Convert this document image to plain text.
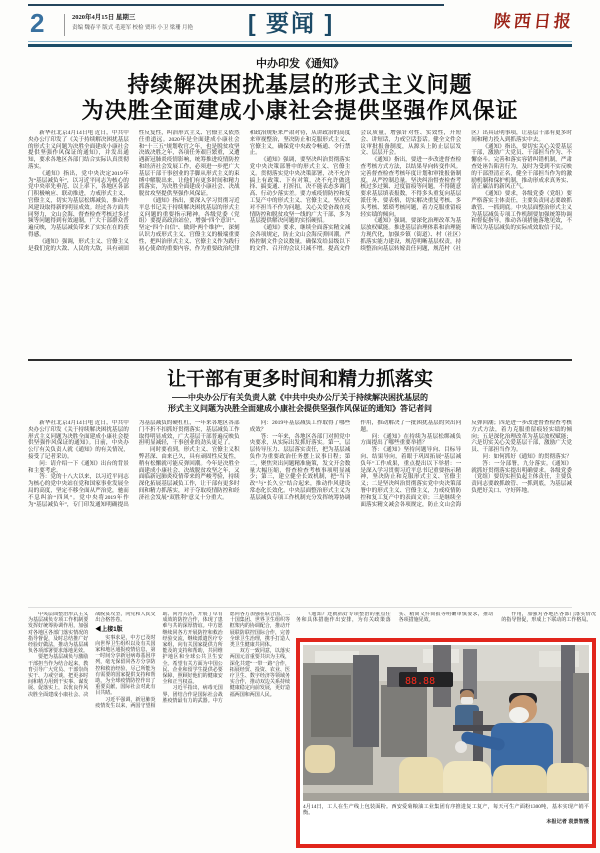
2	2020年4月15日 星期三
责编 魏春平 版式 毛迎军 校检 贾玮 小卫 梁珊 月艳 [ 要闻 ]	陕西日报
中办印发《通知》
持续解决困扰基层的形式主义问题
为决胜全面建成小康社会提供坚强作风保证

新华社北京4月14日电 近日，中共中央办公厅印发了《关于持续解决困扰基层的形式主义问题为决胜全面建成小康社会提供坚强作风保证的通知》，并发出通知，要求各地区各部门结合实际认真贯彻落实。

《通知》指出，党中央决定2019年为“基层减负年”，以习近平同志为核心的党中央率先垂范、以上率下，各地区各部门积极响应、联动推进，力戒形式主义、官僚主义，切实为基层松绑减负，推动作风建设取得新的明显成效。经过各方面共同努力，文山会海、督查检查考核过多过频等问题得到有效遏制，广大干部群众普遍反映，为基层减负带来了实实在在的获得感。

《通知》强调，形式主义、官僚主义是我们党的大敌、人民的大敌，具有顽固性反复性，纠治形式主义、官僚主义依然任重道远。2020年是全面建成小康社会和“十三五”规划收官之年，也是脱贫攻坚决战决胜之年，各项任务艰巨繁重，又遭遇新冠肺炎疫情影响，统筹推进疫情防控和经济社会发展工作，必须进一步把广大基层干部干事创业的手脚从形式主义的束缚中解脱出来，让他们有更多时间和精力抓落实，为决胜全面建成小康社会、决战脱贫攻坚提供坚强作风保证。

《通知》指出，要深入学习贯彻习近平总书记关于持续解决困扰基层的形式主义问题的重要指示精神。各级党委（党组）要提高政治站位，增强“四个意识”、坚定“四个自信”、做到“两个维护”，深刻认识力戒形式主义、官僚主义的极端重要性，把纠治形式主义、官僚主义作为践行初心使命的重要内容，作为重要政治纪律和政治规矩来严肃对待，从讲政治的高度来审视整治，坚决防止和克服形式主义、官僚主义，确保党中央政令畅通、令行禁止。

《通知》强调，要坚决纠治贯彻落实党中央决策部署中的形式主义、官僚主义。贯彻落实党中央决策部署，决不允许搞上有政策、下有对策，决不允许做选择、搞变通、打折扣，决不能表态多调门高、行动少落实差。要力戒疫情防控和复工复产中的形式主义、官僚主义，坚决反对不担当不作为问题，关心关爱奋战在疫情防控和脱贫攻坚一线的广大干部，多为基层提供解决问题的实招硬招。

《通知》要求，继续全面落实精文减会各项规定，防止文山会海反弹回潮。严格控制文件会议数量，确保发给县级以下的文件、召开的会议只减不增。提高文件会议质量，增强针对性、实效性，开短会、讲短话，力戒空话套话。健全文件会议审批报备制度，从源头上防止层层发文、层层开会。

《通知》指出，要进一步改进督查检查考核方式方法，以结果导向转变作风。完善督查检查考核年度计划和审批报备制度，从严控制总量。坚决纠治督查检查考核过多过频、过度留痕等问题，不得随意要求基层填表报数，不得多头重复向基层派任务、要表格，切实解决重复考核、多头考核、繁琐考核问题，着力克服重留痕轻实绩的倾向。

《通知》强调，要深化治理改革为基层放权赋能。推进基层治理体系和治理能力现代化，加强乡镇（街道）、村（社区）抓落实能力建设，规范明晰基层权责，持续整治向基层转嫁责任问题，规范村（社区）出具证明事项，让基层干部有更多时间和精力投入到抓落实中去。

《通知》指出，要切实关心关爱基层干部，激励广大党员、干部担当作为、不懈奋斗。完善和落实容错纠错机制，严肃查处诬告陷害行为，及时为受到不实反映的干部澄清正名，健全干部担当作为的激励机制和保护机制，推动形成求真务实、清正廉洁的新风正气。

《通知》要求，各级党委（党组）要严格落实主体责任，主要负责同志要敢抓敢管、一抓到底。中央层面整治形式主义为基层减负专项工作机制要加强统筹协调和督促指导，推动各项措施落地见效，不断以为基层减负的实际成效取信于民。

让干部有更多时间和精力抓落实
——中央办公厅有关负责人就《中共中央办公厅关于持续解决困扰基层的
形式主义问题为决胜全面建成小康社会提供坚强作风保证的通知》答记者问

新华社北京4月14日电 近日，中共中央办公厅印发《关于持续解决困扰基层的形式主义问题为决胜全面建成小康社会提供坚强作风保证的通知》。日前，中央办公厅有关负责人就《通知》的有关情况，接受了记者采访。

问：请介绍一下《通知》出台的背景和主要考虑。

答：党的十八大以来，以习近平同志为核心的党中央站在党和国家事业发展全局的高度，坚定不移全面从严治党，驰而不息纠治“四风”。党中央将2019年作为“基层减负年”，专门印发通知明确提出为基层减负的硬杠杠，一年来各地区各部门不折不扣抓好贯彻落实，基层减负工作取得明显成效，广大基层干部普遍反映负担明显减轻，干事创业的劲头更足了。

同时要看到，形式主义、官僚主义积弊甚深、由来已久，具有顽固性反复性，稍有松懈就可能反弹回潮。今年是决胜全面建成小康社会、决战脱贫攻坚之年，又面临新冠肺炎疫情带来的严峻考验，持续深化拓展基层减负工作，让干部有更多时间和精力抓落实，对于夺取疫情防控和经济社会发展“双胜利”意义十分重大。

问：2019年基层减负工作取得了哪些成效？

答：一年来，各地区各部门对照党中央要求，从实际出发抓好落实。第一，层层传导压力、层层落实责任，把为基层减负作为重要政治任务摆上议事日程；第二，聚焦突出问题精准施策，发文开会数量大幅压缩，督查检查考核事项明显减少；第三，建立健全长效机制，把“当下改”与“长久立”结合起来，推动作风建设常态化长效化。中央层面整治形式主义为基层减负专项工作机制充分发挥统筹协调作用，推动解决了一批困扰基层的突出问题。

问：《通知》在持续为基层松绑减负方面提出了哪些重要举措？

答：《通知》坚持问题导向、目标导向、结果导向，着眼于巩固拓展“基层减负年”工作成果，重点提出以下举措：一是深入学习贯彻习近平总书记重要指示精神，坚决防止和克服形式主义、官僚主义；二是坚决纠治贯彻落实党中央决策部署中的形式主义、官僚主义，力戒疫情防控和复工复产中的表面文章；三是继续全面落实精文减会各项规定，防止文山会海反弹回潮；四是进一步改进督查检查考核方式方法，着力克服重留痕轻实绩的倾向；五是深化治理改革为基层放权赋能；六是切实关心关爱基层干部，激励广大党员、干部担当作为。

问：如何抓好《通知》的贯彻落实？

答：一分部署，九分落实。《通知》就抓好贯彻落实提出明确要求。各级党委（党组）要切实担负起主体责任，主要负责同志要敢抓敢管、一抓到底，为基层减负把好关口、守好阵地。

中央层面整治形式主义为基层减负专项工作机制要发挥好统筹协调作用，加强对各地区各部门落实情况的指导督促，及时总结推广好经验好做法，推动为基层减负各项部署要求落地见效。

要把为基层减负与激励干部担当作为结合起来，教育引导广大党员、干部崇尚实干、力戒空谈，把更多时间和精力用到干实事、谋发展、促落实上，以优良作风决胜全面建成小康社会、决战脱贫攻坚，向党和人民交出合格答卷。

◀上接1版

实事求是，中方已及时向世界卫生组织以及有关国家和地区通报疫情信息，第一时间分享新冠病毒基因序列，毫无保留同各方分享防控和救治经验，尽己所能为有需要的国家提供支持和帮助，为全球疫情防控作出了重要贡献，国际社会对此有目共睹。

习近平强调，新冠肺炎疫情发生以来，两国守望相助、同舟共济，开展了卓有成效的防控合作，体现了患难与共的深厚情谊。中方愿继续同各方开展防控和救治经验交流，继续派遣医疗专家组，向有关国家提供力所能及的支持和帮助，共同维护地区和全球公共卫生安全。希望有关方面为中国公民、企业和留学生提供必要保障，照顾好他们的健康安全和正当权益。

习近平指出，病毒无国界，团结合作是国际社会战胜疫情最有力的武器。中方愿同各方加强在联合国、二十国集团、世界卫生组织等框架内的协调配合，推动开展联防联控国际合作，完善全球卫生治理，携手打造人类卫生健康共同体。

双方一致同意，以落实两国元首重要共识为主线，深化共建“一带一路”合作，拓展经贸、投资、农业、医疗卫生、数字经济等领域务实合作，推动双边关系持续健康稳定向前发展，更好造福两国和两国人民。

《通知》还就抓好专项整治的重点任务和具体措施作出安排，为有关政策落实、精简文件简报等明确审慎要求，推动各项措施见效。

作用，加强对各地区各部门落实情况的指导督促，形成上下联动的工作格局。

88.88
4月14日，工人在生产线上包装面粉。西安爱菊粮油工业集团有序推进复工复产，每天可生产面粉1300吨，基本实现产销平衡。
本报记者 袁景智摄
